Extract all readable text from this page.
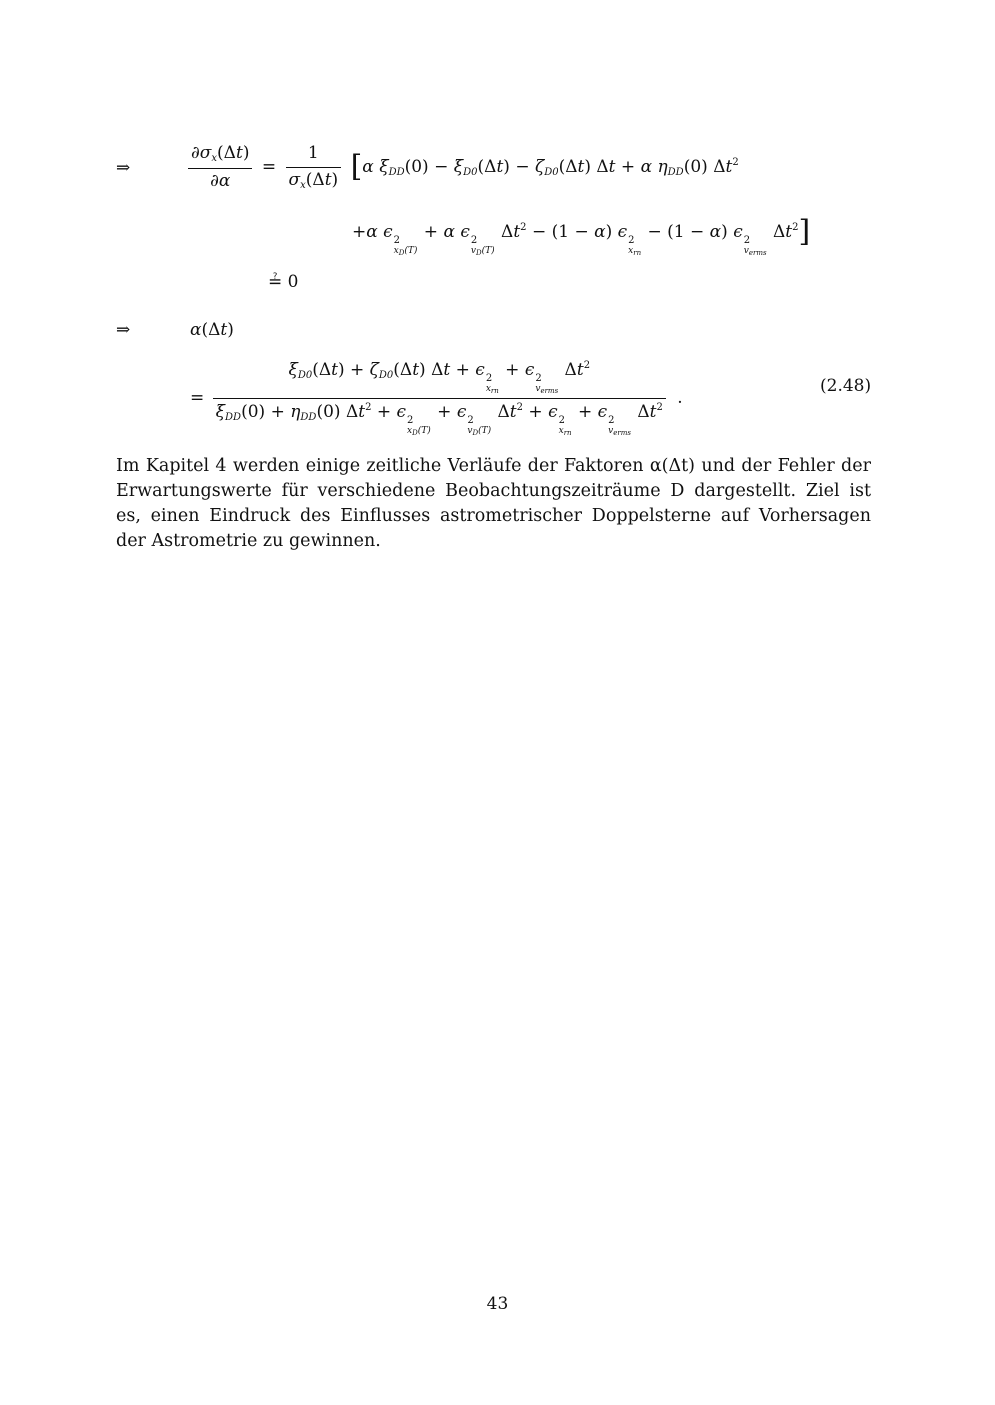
⇒	$\frac{\partial\sigma_x(\Delta t)}{\partial\alpha} = \frac{1}{\sigma_x(\Delta t)} [\alpha$ $\xi_{DD}(0) - \xi_{D0}(\Delta t) - \zeta_{D0}(\Delta t) \Delta t + \alpha$ $\eta_{DD}(0)$ $\Delta t^2$
+α ϵ 2
$x_D(T)$
+ α ϵ 2
$v_D(T)$
$\Delta t^2 - (1 - \alpha)$ ϵ 2
$x_{rn}$
− (1 − α) ϵ 2
$v_{erms}$
$\Delta t^2$]
≟ 0
⇒	α(Δt)
=
$\xi_{D0}(\Delta t) + \zeta_{D0}(\Delta t) \Delta t + \epsilon$ 2
$x_{rn}$
+ ϵ 2
$v_{erms}$
$\Delta t^2$
$\xi_{DD}(0) + \eta_{DD}(0) \Delta t^2 + \epsilon$ 2
$x_D(T)$
+ ϵ 2
$v_D(T)$
$\Delta t^2 + \epsilon$ 2
$x_{rn}$
+ ϵ 2
$v_{erms}$
$\Delta t^2$ .
(2.48)

Im Kapitel 4 werden einige zeitliche Verläufe der Faktoren α(Δt) und der Fehler der Erwartungswerte für verschiedene Beobachtungszeiträume D dargestellt. Ziel ist es, einen Eindruck des Einflusses astrometrischer Doppelsterne auf Vorhersagen der Astrometrie zu gewinnen.

43
